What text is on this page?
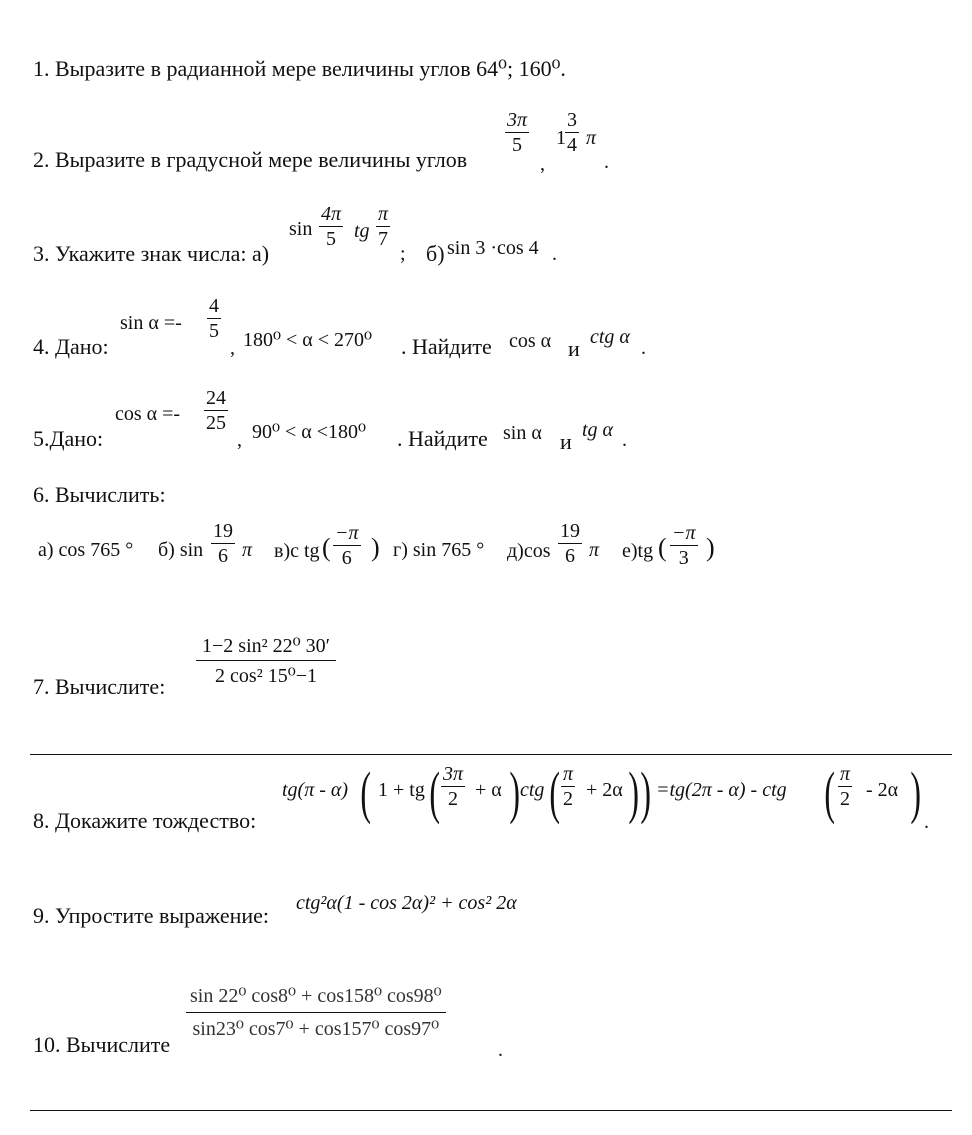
1. Выразите в радианной мере величины углов 64⁰; 160⁰.
2. Выразите в градусной мере величины углов
3π
5
,
1
3
4 π
.
3. Укажите знак числа: а)
sin
4π
5 tg
π
7
; б) sin 3 ·cos 4 .
4. Дано:
sin α =-
4
5
, 180⁰ < α < 270⁰ . Найдите cos α и ctg α .
5.Дано:
cos α =-
24
25
, 90⁰ < α <180⁰ . Найдите sin α и tg α .
6. Вычислить:
а) cos 765 ° б) sin
19
6 π в)c tg ( −π
6 ) г) sin 765 ° д)cos
19
6 π е)tg ( −π
3 )
7. Вычислите:
1−2 sin² 22⁰ 30′
2 cos² 15⁰−1
8. Докажите тождество:
tg(π - α) ( 1 + tg ( 3π
2 + α ) ctg ( π
2 + 2α ) ) =tg(2π - α) - ctg ( π
2 - 2α ) .
9. Упростите выражение: ctg²α(1 - cos 2α)² + cos² 2α
10. Вычислите
sin 22⁰ cos8⁰ + cos158⁰ cos98⁰
sin23⁰ cos7⁰ + cos157⁰ cos97⁰
.
